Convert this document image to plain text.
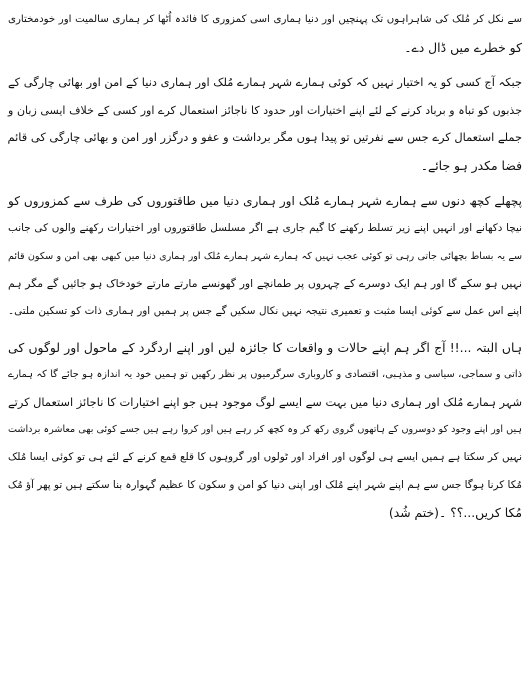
سے نکل کر مُلک کی شاہراہوں تک پہنچیں اور دنیا ہماری اسی کمزوری کا فائدہ اُٹھا کر ہماری سالمیت اور خودمختاری
کو خطرے میں ڈال دے۔

جبکہ آج کسی کو یہ اختیار نہیں کہ کوئی ہمارے شہر ہمارے مُلک اور ہماری دنیا کے امن اور بھائی چارگی کے
جذبوں کو تباہ و برباد کرنے کے لئے اپنے اختیارات اور حدود کا ناجائز استعمال کرے اور کسی کے خلاف ایسی زبان و
جملے استعمال کرے جس سے نفرتیں تو پیدا ہوں مگر برداشت و عفو و درگزر اور امن و بھائی چارگی کی قائم
فضا مکدر ہو جائے۔

پچھلے کچھ دنوں سے ہمارے شہر ہمارے مُلک اور ہماری دنیا میں طاقتوروں کی طرف سے کمزوروں کو
نیچا دکھانے اور انہیں اپنے زیر تسلط رکھنے کا گیم جاری ہے اگر مسلسل طاقتوروں اور اختیارات رکھنے والوں کی جانب
سے یہ بساط بچھائی جاتی رہی تو کوئی عجب نہیں کہ ہمارے شہر ہمارے مُلک اور ہماری دنیا میں کبھی بھی امن و سکون قائم
نہیں ہو سکے گا اور ہم ایک دوسرے کے چہروں پر طمانچے اور گھونسے مارتے مارتے خودخاک ہو جائیں گے مگر ہم
اپنے اس عمل سے کوئی ایسا مثبت و تعمیری نتیجہ نہیں نکال سکیں گے جس پر ہمیں اور ہماری ذات کو تسکین ملتی۔

ہاں البتہ ...!! آج اگر ہم اپنے حالات و واقعات کا جائزہ لیں اور اپنے اردگرد کے ماحول اور لوگوں کی
ذاتی و سماجی، سیاسی و مذہبی، اقتصادی و کاروباری سرگرمیوں پر نظر رکھیں تو ہمیں خود یہ اندازہ ہو جائے گا کہ ہمارے
شہر ہمارے مُلک اور ہماری دنیا میں بہت سے ایسے لوگ موجود ہیں جو اپنے اختیارات کا ناجائز استعمال کرتے
ہیں اور اپنے وجود کو دوسروں کے ہاتھوں گروی رکھ کر وہ کچھ کر رہے ہیں اور کروا رہے ہیں جسے کوئی بھی معاشرہ برداشت
نہیں کر سکتا ہے ہمیں ایسے ہی لوگوں اور افراد اور ٹولوں اور گروہوں کا قلع قمع کرنے کے لئے ہی تو کوئی ایسا مُلک
مُکا کرنا ہوگا جس سے ہم اپنے شہر اپنے مُلک اور اپنی دنیا کو امن و سکون کا عظیم گہوارہ بنا سکتے ہیں تو پھر آؤ مُک
مُکا کریں...؟؟ ۔(ختم شُد)
